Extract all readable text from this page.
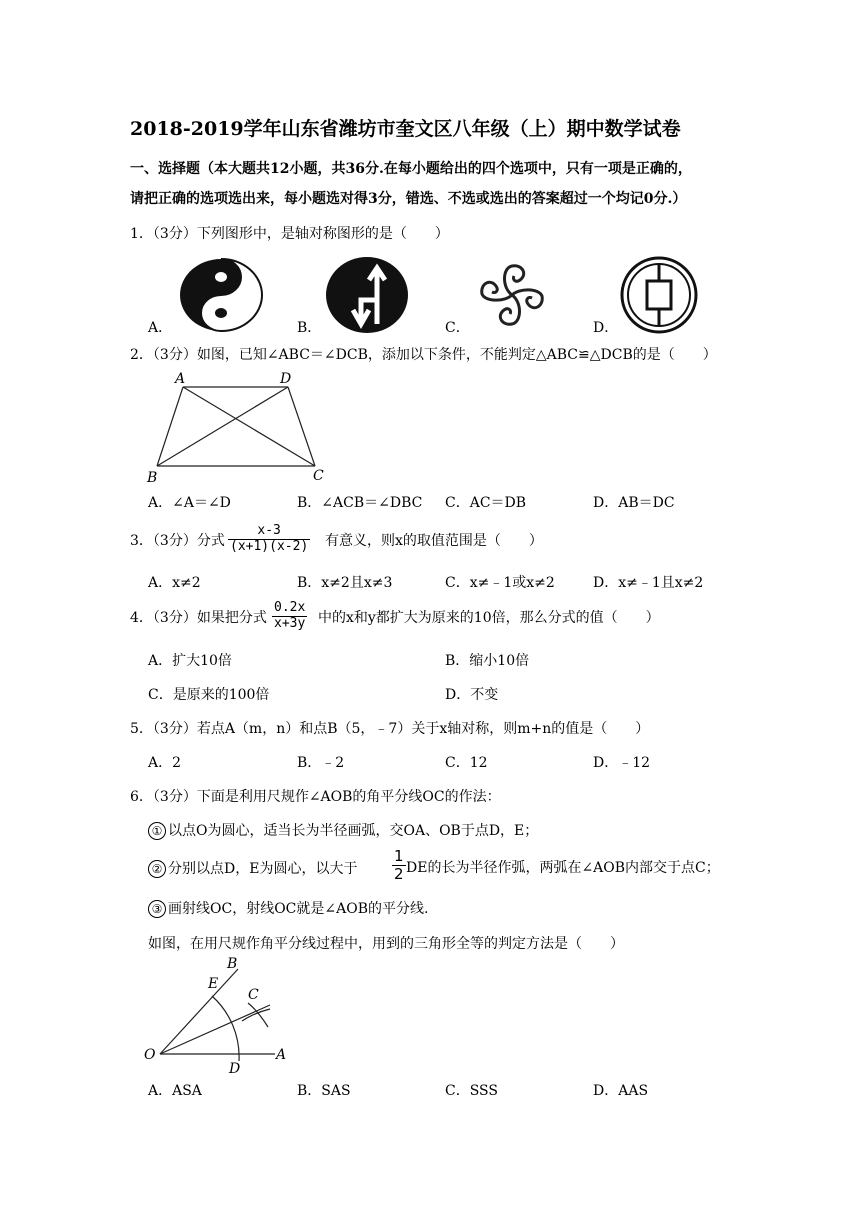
2018-2019学年山东省潍坊市奎文区八年级（上）期中数学试卷
一、选择题（本大题共12小题，共36分.在每小题给出的四个选项中，只有一项是正确的，
请把正确的选项选出来，每小题选对得3分，错选、不选或选出的答案超过一个均记0分.）
1．（3分）下列图形中，是轴对称图形的是（　　）
A．	B．	C．	D．
2．（3分）如图，已知∠ABC＝∠DCB，添加以下条件，不能判定△ABC≌△DCB的是（　　）
A	D
B	C
A．∠A＝∠D	B．∠ACB＝∠DBC C．AC＝DB	D．AB＝DC
3．（3分）分式 $\frac{x-3}{(x+1)(x-2)}$ 有意义，则x的取值范围是（　　）
A．x≠2	B．x≠2且x≠3	C．x≠﹣1或x≠2	D．x≠﹣1且x≠2
4．（3分）如果把分式 $\frac{0.2x}{x+3y}$ 中的x和y都扩大为原来的10倍，那么分式的值（　　）
A．扩大10倍	B．缩小10倍
C．是原来的100倍	D．不变
5．（3分）若点A（m，n）和点B（5，﹣7）关于x轴对称，则m+n的值是（　　）
A．2	B．﹣2	C．12	D．﹣12
6．（3分）下面是利用尺规作∠AOB的角平分线OC的作法：
① 以点O为圆心，适当长为半径画弧，交OA、OB于点D，E；
② 分别以点D，E为圆心，以大于 $\frac{1}{2}$ DE的长为半径作弧，两弧在∠AOB内部交于点C；
③ 画射线OC，射线OC就是∠AOB的平分线.
如图，在用尺规作角平分线过程中，用到的三角形全等的判定方法是（　　）
O	A
B
C
D
E
A．ASA	B．SAS	C．SSS	D．AAS
